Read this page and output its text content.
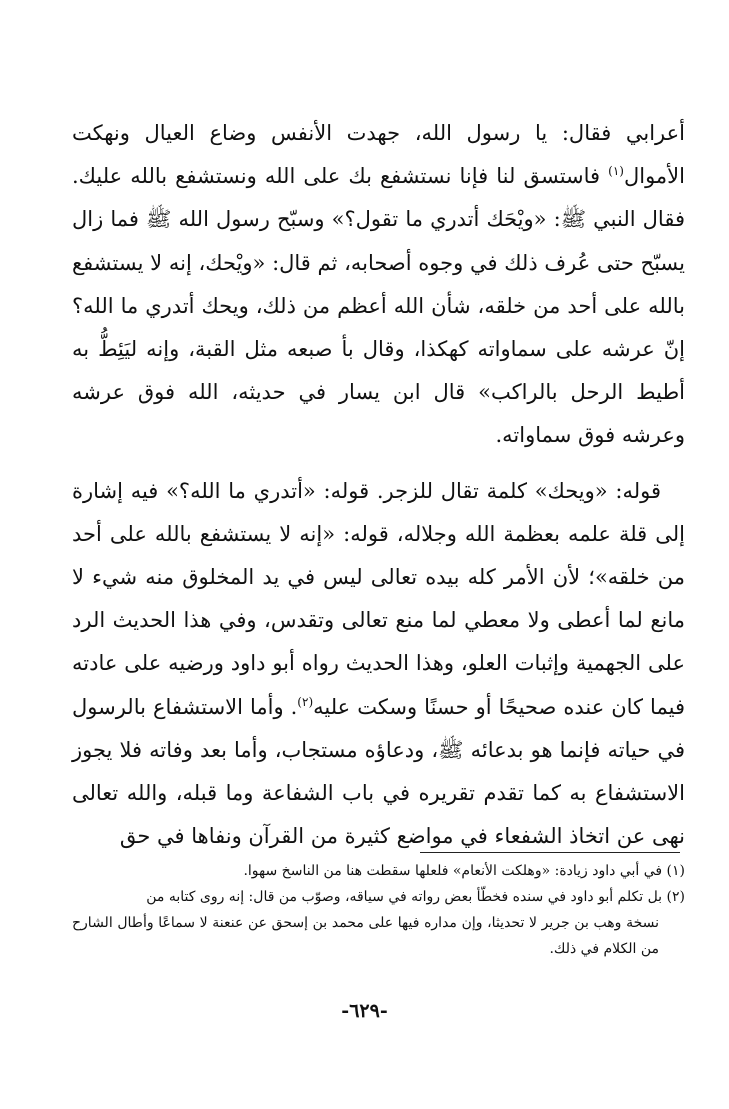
أعرابي فقال: يا رسول الله، جهدت الأنفس وضاع العيال ونهكت الأموال$^{(١)}$ فاستسق لنا فإنا نستشفع بك على الله ونستشفع بالله عليك. فقال النبي ﷺ: «ويْحَك أتدري ما تقول؟» وسبّح رسول الله ﷺ فما زال يسبّح حتى عُرف ذلك في وجوه أصحابه، ثم قال: «ويْحك، إنه لا يستشفع بالله على أحد من خلقه، شأن الله أعظم من ذلك، ويحك أتدري ما الله؟ إنّ عرشه على سماواته كهكذا، وقال بأ صبعه مثل القبة، وإنه ليَئِطُّ به أطيط الرحل بالراكب» قال ابن يسار في حديثه، الله فوق عرشه وعرشه فوق سماواته.

قوله: «ويحك» كلمة تقال للزجر. قوله: «أتدري ما الله؟» فيه إشارة إلى قلة علمه بعظمة الله وجلاله، قوله: «إنه لا يستشفع بالله على أحد من خلقه»؛ لأن الأمر كله بيده تعالى ليس في يد المخلوق منه شيء لا مانع لما أعطى ولا معطي لما منع تعالى وتقدس، وفي هذا الحديث الرد على الجهمية وإثبات العلو، وهذا الحديث رواه أبو داود ورضيه على عادته فيما كان عنده صحيحًا أو حسنًا وسكت عليه$^{(٢)}$. وأما الاستشفاع بالرسول في حياته فإنما هو بدعائه ﷺ، ودعاؤه مستجاب، وأما بعد وفاته فلا يجوز الاستشفاع به كما تقدم تقريره في باب الشفاعة وما قبله، والله تعالى نهى عن اتخاذ الشفعاء في مواضع كثيرة من القرآن ونفاها في حق

(١) في أبي داود زيادة: «وهلكت الأنعام» فلعلها سقطت هنا من الناسخ سهوا.

(٢) بل تكلم أبو داود في سنده فخطّأ بعض رواته في سياقه، وصوّب من قال: إنه روى كتابه من

نسخة وهب بن جرير لا تحديثا، وإن مداره فيها على محمد بن إسحق عن عنعنة لا سماعًا وأطال الشارح من الكلام في ذلك.

-٦٢٩-
